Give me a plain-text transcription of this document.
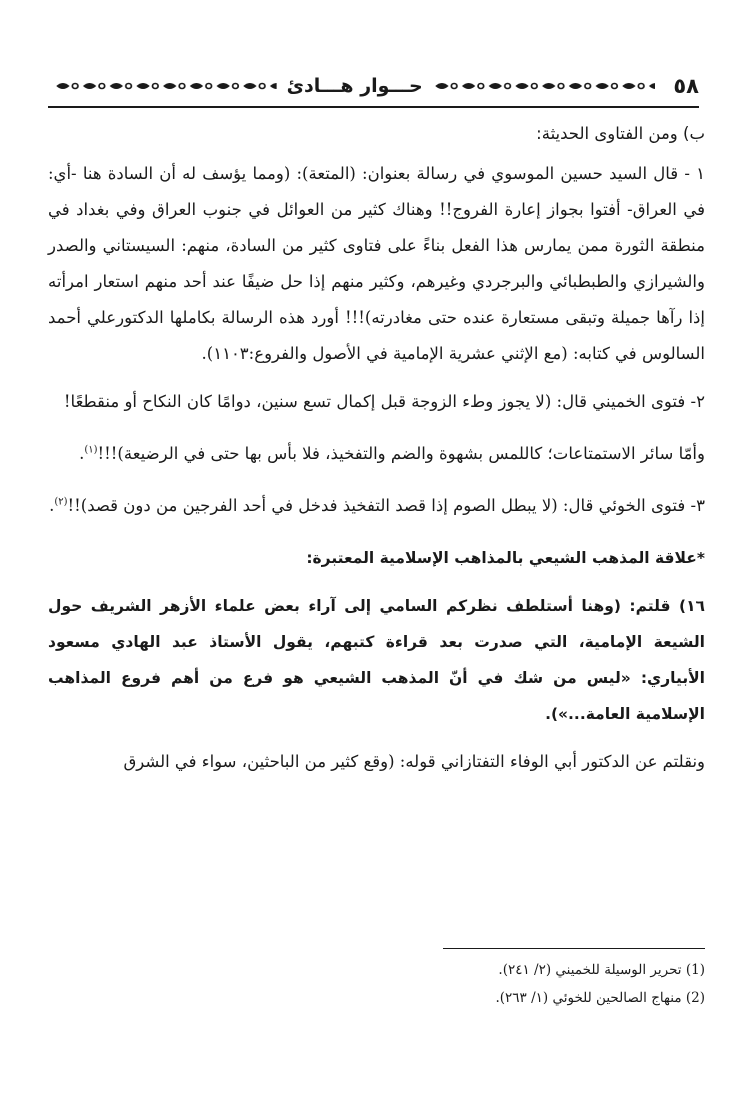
٥٨
حـــوار هـــادئ

ب) ومن الفتاوى الحديثة:

١ - قال السيد حسين الموسوي في رسالة بعنوان: (المتعة): (ومما يؤسف له أن السادة هنا -أي: في العراق- أفتوا بجواز إعارة الفروج!! وهناك كثير من العوائل في جنوب العراق وفي بغداد في منطقة الثورة ممن يمارس هذا الفعل بناءً على فتاوى كثير من السادة، منهم: السيستاني والصدر والشيرازي والطبطبائي والبرجردي وغيرهم، وكثير منهم إذا حل ضيفًا عند أحد منهم استعار امرأته إذا رآها جميلة وتبقى مستعارة عنده حتى مغادرته)!!! أورد هذه الرسالة بكاملها الدكتورعلي أحمد السالوس في كتابه: (مع الإثني عشرية الإمامية في الأصول والفروع:١١٠٣).

٢- فتوى الخميني قال: (لا يجوز وطء الزوجة قبل إكمال تسع سنين، دوامًا كان النكاح أو منقطعًا!

وأمّا سائر الاستمتاعات؛ كاللمس بشهوة والضم والتفخيذ، فلا بأس بها حتى في الرضيعة)!!!$^{(١)}$.

٣- فتوى الخوئي قال: (لا يبطل الصوم إذا قصد التفخيذ فدخل في أحد الفرجين من دون قصد)!!$^{(٢)}$.

*علاقة المذهب الشيعي بالمذاهب الإسلامية المعتبرة:

١٦) قلتم: (وهنا أستلطف نظركم السامي إلى آراء بعض علماء الأزهر الشريف حول الشيعة الإمامية، التي صدرت بعد قراءة كتبهم، يقول الأستاذ عبد الهادي مسعود الأبياري: «ليس من شك في أنّ المذهب الشيعي هو فرع من أهم فروع المذاهب الإسلامية العامة...»).

ونقلتم عن الدكتور أبي الوفاء التفتازاني قوله: (وقع كثير من الباحثين، سواء في الشرق

(1) تحرير الوسيلة للخميني (٢/ ٢٤١).

(2) منهاج الصالحين للخوئي (١/ ٢٦٣).
